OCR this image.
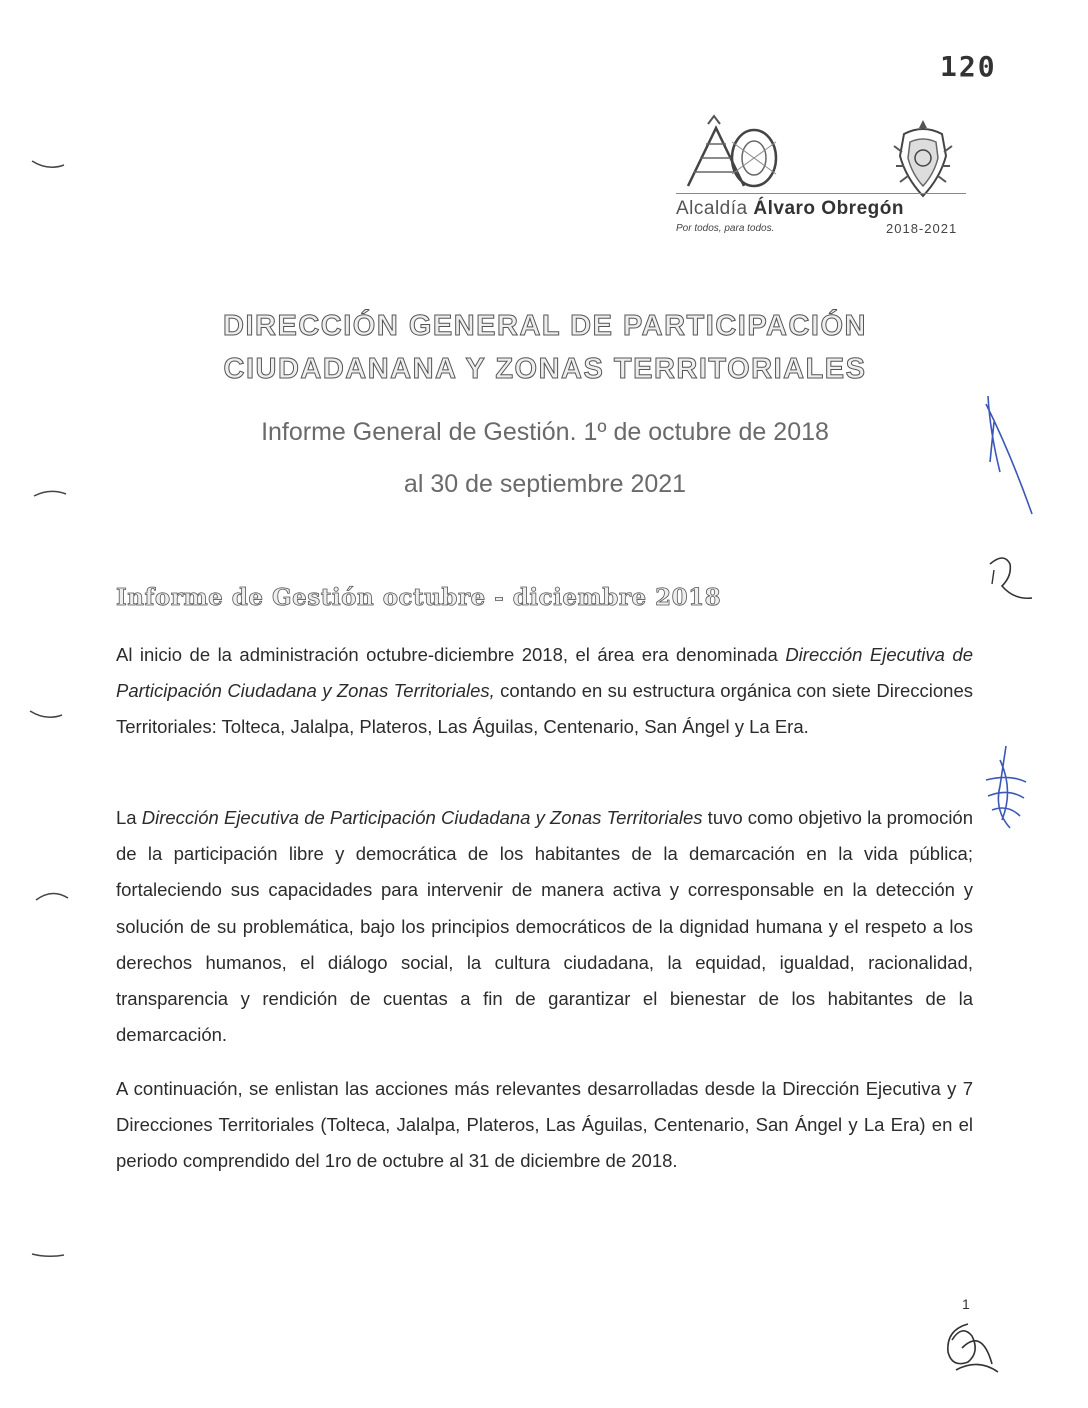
120
Alcaldía Álvaro Obregón
Por todos, para todos.	2018-2021
DIRECCIÓN GENERAL DE PARTICIPACIÓN
CIUDADANANA Y ZONAS TERRITORIALES
Informe General de Gestión. 1º de octubre de 2018
al 30 de septiembre 2021
Informe de Gestión octubre - diciembre 2018

Al inicio de la administración octubre-diciembre 2018, el área era denominada Dirección Ejecutiva de Participación Ciudadana y Zonas Territoriales, contando en su estructura orgánica con siete Direcciones Territoriales: Tolteca, Jalalpa, Plateros, Las Águilas, Centenario, San Ángel y La Era.

La Dirección Ejecutiva de Participación Ciudadana y Zonas Territoriales tuvo como objetivo la promoción de la participación libre y democrática de los habitantes de la demarcación en la vida pública; fortaleciendo sus capacidades para intervenir de manera activa y corresponsable en la detección y solución de su problemática, bajo los principios democráticos de la dignidad humana y el respeto a los derechos humanos, el diálogo social, la cultura ciudadana, la equidad, igualdad, racionalidad, transparencia y rendición de cuentas a fin de garantizar el bienestar de los habitantes de la demarcación.

A continuación, se enlistan las acciones más relevantes desarrolladas desde la Dirección Ejecutiva y 7 Direcciones Territoriales (Tolteca, Jalalpa, Plateros, Las Águilas, Centenario, San Ángel y La Era) en el periodo comprendido del 1ro de octubre al 31 de diciembre de 2018.

1
